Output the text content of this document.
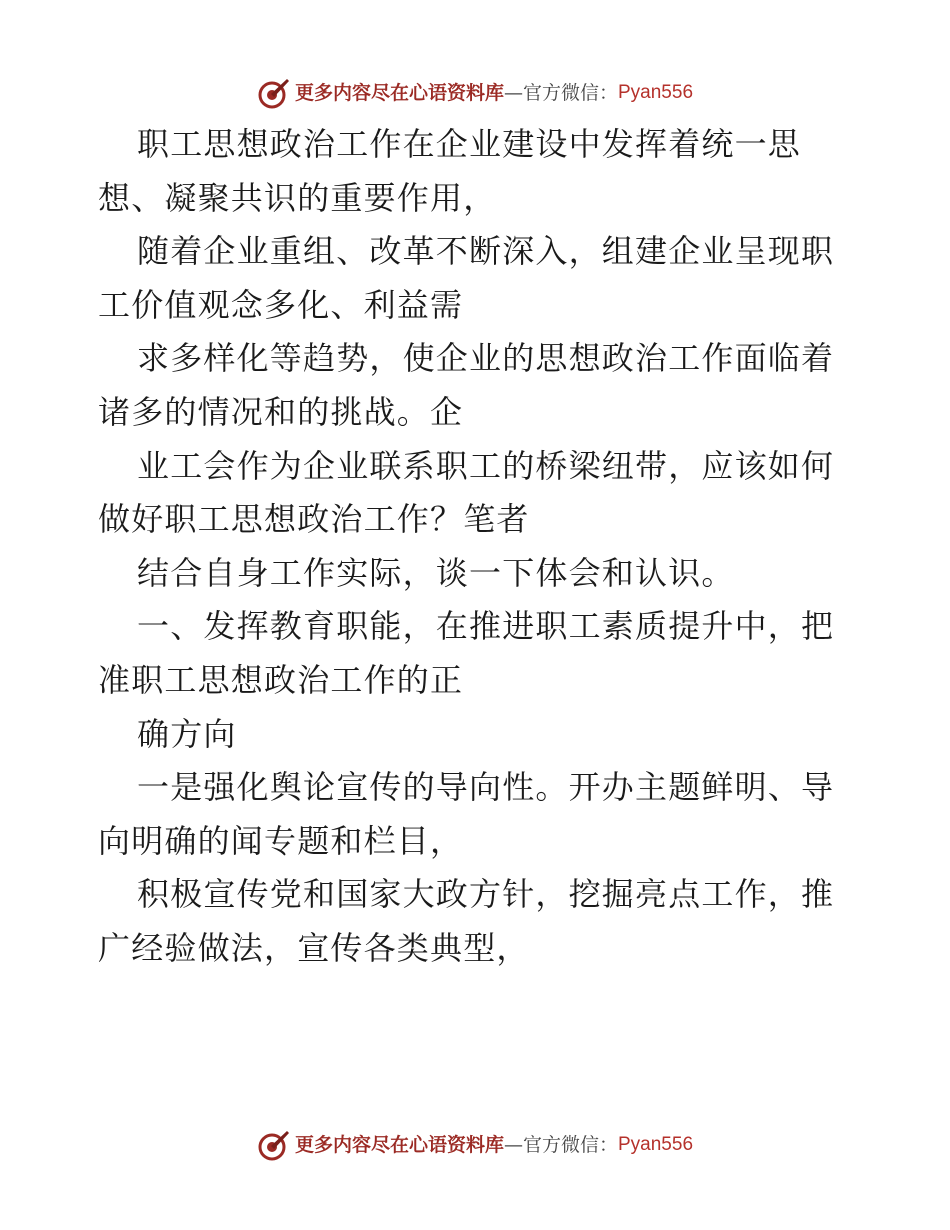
更多内容尽在心语资料库 —官方微信： Pyan556
职工思想政治工作在企业建设中发挥着统一思
想、凝聚共识的重要作用，
随着企业重组、改革不断深入，组建企业呈现职
工价值观念多化、利益需
求多样化等趋势，使企业的思想政治工作面临着
诸多的情况和的挑战。企
业工会作为企业联系职工的桥梁纽带，应该如何
做好职工思想政治工作？笔者
结合自身工作实际，谈一下体会和认识。
一、发挥教育职能，在推进职工素质提升中，把
准职工思想政治工作的正
确方向
一是强化舆论宣传的导向性。开办主题鲜明、导
向明确的闻专题和栏目，
积极宣传党和国家大政方针，挖掘亮点工作，推
广经验做法，宣传各类典型，
更多内容尽在心语资料库 —官方微信： Pyan556
